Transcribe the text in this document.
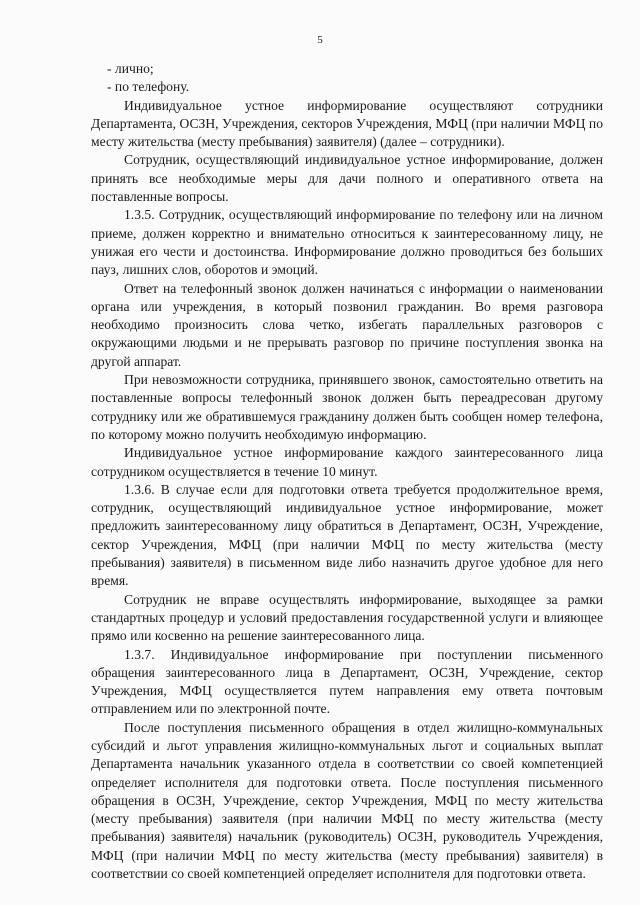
5

- лично;

- по телефону.

Индивидуальное устное информирование осуществляют сотрудники Департамента, ОСЗН, Учреждения, секторов Учреждения, МФЦ (при наличии МФЦ по месту жительства (месту пребывания) заявителя) (далее – сотрудники).

Сотрудник, осуществляющий индивидуальное устное информирование, должен принять все необходимые меры для дачи полного и оперативного ответа на поставленные вопросы.

1.3.5. Сотрудник, осуществляющий информирование по телефону или на личном приеме, должен корректно и внимательно относиться к заинтересованному лицу, не унижая его чести и достоинства. Информирование должно проводиться без больших пауз, лишних слов, оборотов и эмоций.

Ответ на телефонный звонок должен начинаться с информации о наименовании органа или учреждения, в который позвонил гражданин. Во время разговора необходимо произносить слова четко, избегать параллельных разговоров с окружающими людьми и не прерывать разговор по причине поступления звонка на другой аппарат.

При невозможности сотрудника, принявшего звонок, самостоятельно ответить на поставленные вопросы телефонный звонок должен быть переадресован другому сотруднику или же обратившемуся гражданину должен быть сообщен номер телефона, по которому можно получить необходимую информацию.

Индивидуальное устное информирование каждого заинтересованного лица сотрудником осуществляется в течение 10 минут.

1.3.6. В случае если для подготовки ответа требуется продолжительное время, сотрудник, осуществляющий индивидуальное устное информирование, может предложить заинтересованному лицу обратиться в Департамент, ОСЗН, Учреждение, сектор Учреждения, МФЦ (при наличии МФЦ по месту жительства (месту пребывания) заявителя) в письменном виде либо назначить другое удобное для него время.

Сотрудник не вправе осуществлять информирование, выходящее за рамки стандартных процедур и условий предоставления государственной услуги и влияющее прямо или косвенно на решение заинтересованного лица.

1.3.7. Индивидуальное информирование при поступлении письменного обращения заинтересованного лица в Департамент, ОСЗН, Учреждение, сектор Учреждения, МФЦ осуществляется путем направления ему ответа почтовым отправлением или по электронной почте.

После поступления письменного обращения в отдел жилищно-коммунальных субсидий и льгот управления жилищно-коммунальных льгот и социальных выплат Департамента начальник указанного отдела в соответствии со своей компетенцией определяет исполнителя для подготовки ответа. После поступления письменного обращения в ОСЗН, Учреждение, сектор Учреждения, МФЦ по месту жительства (месту пребывания) заявителя (при наличии МФЦ по месту жительства (месту пребывания) заявителя) начальник (руководитель) ОСЗН, руководитель Учреждения, МФЦ (при наличии МФЦ по месту жительства (месту пребывания) заявителя) в соответствии со своей компетенцией определяет исполнителя для подготовки ответа.
